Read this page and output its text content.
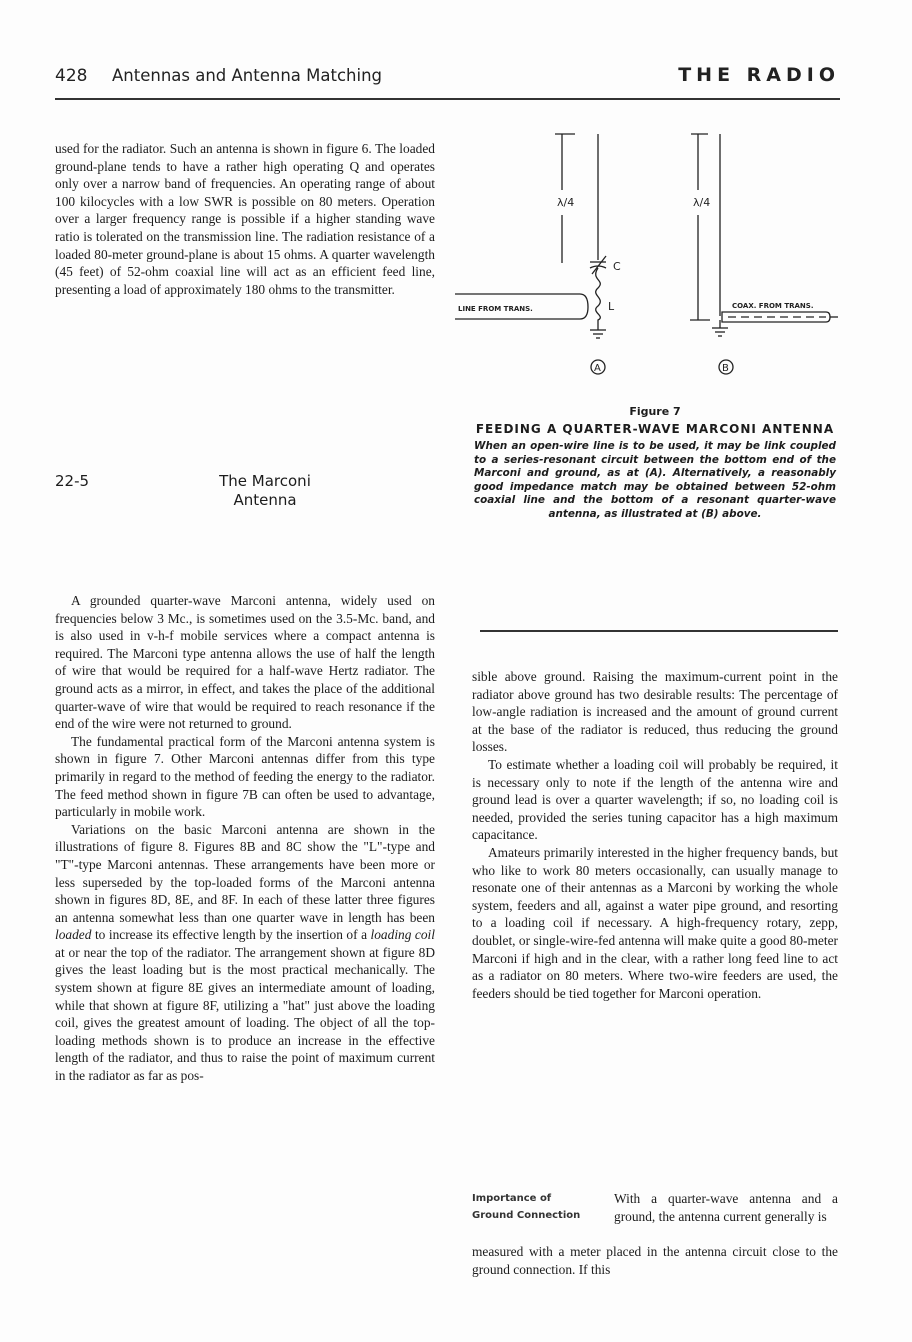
428 Antennas and Antenna Matching	THE RADIO

used for the radiator. Such an antenna is shown in figure 6. The loaded ground-plane tends to have a rather high operating Q and operates only over a narrow band of frequencies. An operating range of about 100 kilocycles with a low SWR is possible on 80 meters. Operation over a larger frequency range is possible if a higher standing wave ratio is tolerated on the transmission line. The radiation resistance of a loaded 80-meter ground-plane is about 15 ohms. A quarter wavelength (45 feet) of 52-ohm coaxial line will act as an efficient feed line, presenting a load of approximately 180 ohms to the transmitter.

22-5	The Marconi
Antenna

A grounded quarter-wave Marconi antenna, widely used on frequencies below 3 Mc., is sometimes used on the 3.5-Mc. band, and is also used in v-h-f mobile services where a compact antenna is required. The Marconi type antenna allows the use of half the length of wire that would be required for a half-wave Hertz radiator. The ground acts as a mirror, in effect, and takes the place of the additional quarter-wave of wire that would be required to reach resonance if the end of the wire were not returned to ground.

The fundamental practical form of the Marconi antenna system is shown in figure 7. Other Marconi antennas differ from this type primarily in regard to the method of feeding the energy to the radiator. The feed method shown in figure 7B can often be used to advantage, particularly in mobile work.

Variations on the basic Marconi antenna are shown in the illustrations of figure 8. Figures 8B and 8C show the "L"-type and "T"-type Marconi antennas. These arrangements have been more or less superseded by the top-loaded forms of the Marconi antenna shown in figures 8D, 8E, and 8F. In each of these latter three figures an antenna somewhat less than one quarter wave in length has been loaded to increase its effective length by the insertion of a loading coil at or near the top of the radiator. The arrangement shown at figure 8D gives the least loading but is the most practical mechanically. The system shown at figure 8E gives an intermediate amount of loading, while that shown at figure 8F, utilizing a "hat" just above the loading coil, gives the greatest amount of loading. The object of all the top-loading methods shown is to produce an increase in the effective length of the radiator, and thus to raise the point of maximum current in the radiator as far as pos-

λ/4
C
L
LINE FROM TRANS.
A
λ/4
COAX. FROM TRANS.
B
Figure 7
FEEDING A QUARTER-WAVE MARCONI ANTENNA
When an open-wire line is to be used, it may be link coupled to a series-resonant circuit between the bottom end of the Marconi and ground, as at (A). Alternatively, a reasonably good impedance match may be obtained between 52-ohm coaxial line and the bottom of a resonant quarter-wave antenna, as illustrated at (B) above.

sible above ground. Raising the maximum-current point in the radiator above ground has two desirable results: The percentage of low-angle radiation is increased and the amount of ground current at the base of the radiator is reduced, thus reducing the ground losses.

To estimate whether a loading coil will probably be required, it is necessary only to note if the length of the antenna wire and ground lead is over a quarter wavelength; if so, no loading coil is needed, provided the series tuning capacitor has a high maximum capacitance.

Amateurs primarily interested in the higher frequency bands, but who like to work 80 meters occasionally, can usually manage to resonate one of their antennas as a Marconi by working the whole system, feeders and all, against a water pipe ground, and resorting to a loading coil if necessary. A high-frequency rotary, zepp, doublet, or single-wire-fed antenna will make quite a good 80-meter Marconi if high and in the clear, with a rather long feed line to act as a radiator on 80 meters. Where two-wire feeders are used, the feeders should be tied together for Marconi operation.

Importance of
Ground Connection

With a quarter-wave antenna and a ground, the antenna current generally is

measured with a meter placed in the antenna circuit close to the ground connection. If this
